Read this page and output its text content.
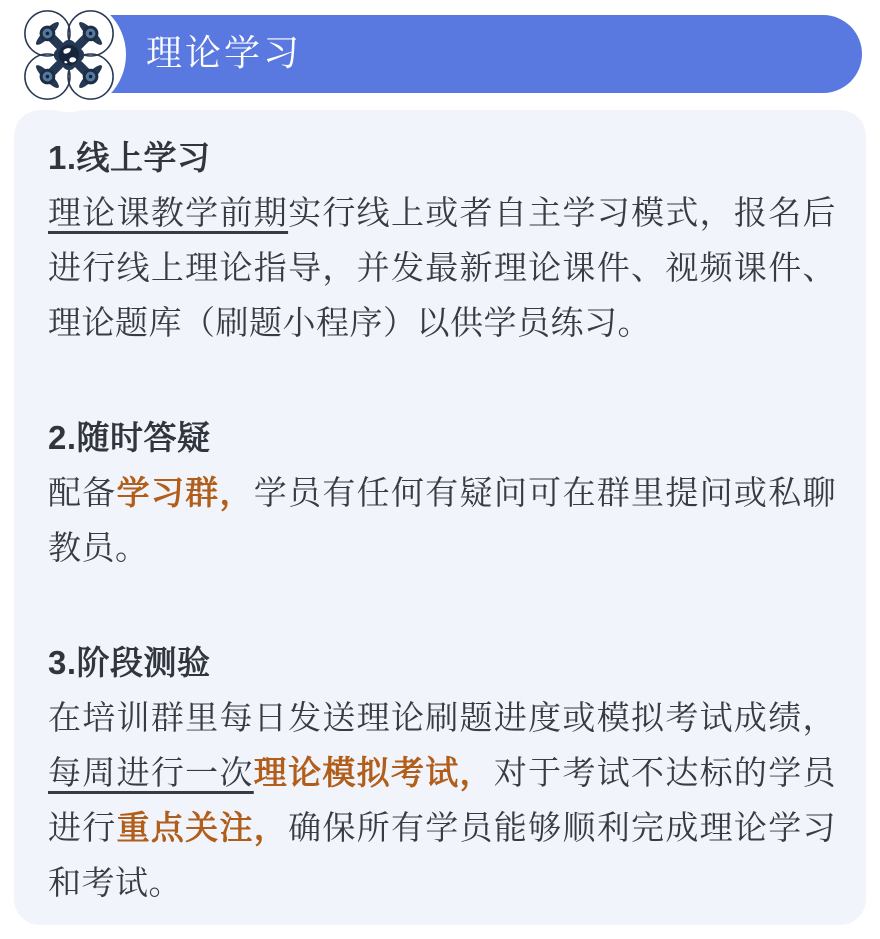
1.线上学习

理论课教学前期实行线上或者自主学习模式，报名后进行线上理论指导，并发最新理论课件、视频课件、理论题库（刷题小程序）以供学员练习。

2.随时答疑

配备学习群，学员有任何有疑问可在群里提问或私聊教员。

3.阶段测验

在培训群里每日发送理论刷题进度或模拟考试成绩，每周进行一次理论模拟考试，对于考试不达标的学员进行重点关注，确保所有学员能够顺利完成理论学习和考试。

理论学习
